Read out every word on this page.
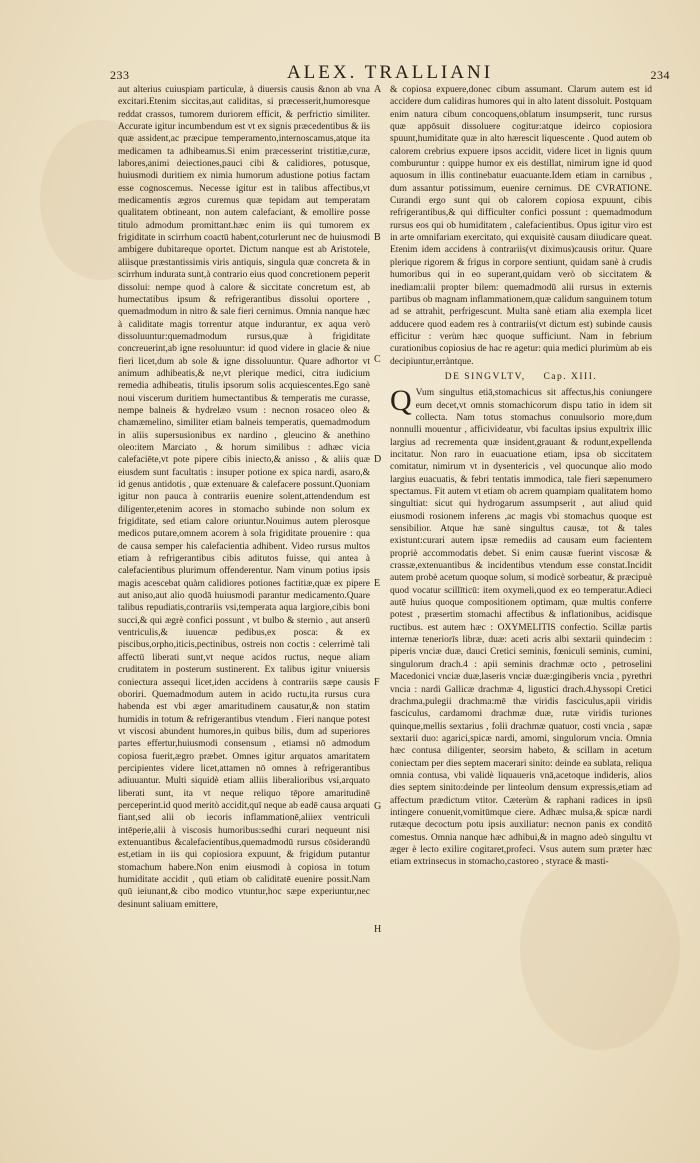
233	ALEX. TRALLIANI	234

aut alterius cuiuspiam particulæ, à diuersis causis &non ab vna excitari.Etenim siccitas,aut caliditas, si præcesserit,humoresque reddat crassos, tumorem duriorem efficit, & perfrictio similiter. Accurate igitur incumbendum est vt ex signis præcedentibus & iis quæ assident,ac præcipue temperamento,internoscamus,atque ita medicamen ta adhibeamus.Si enim præcesserint tristitiæ,curæ, labores,animi deiectiones,pauci cibi & calidiores, potusque, huiusmodi duritiem ex nimia humorum adustione potius factam esse cognoscemus. Necesse igitur est in talibus affectibus,vt medicamentis ægros curemus quæ tepidam aut temperatam qualitatem obtineant, non autem calefaciant, & emollire posse titulo admodum promittant.hæc enim iis qui tumorem ex frigiditate in scirrhum coactū habent,coturlerunt nec de huiusmodi ambigere dubitareque oportet. Dictum nanque est ab Aristotele, aliisque præstantissimis viris antiquis, singula quæ concreta & in scirrhum indurata sunt,à contrario eius quod concretionem peperit dissolui: nempe quod à calore & siccitate concretum est, ab humectatibus ipsum & refrigerantibus dissolui oportere , quemadmodum in nitro & sale fieri cernimus. Omnia nanque hæc à caliditate magis torrentur atque indurantur, ex aqua verò dissoluuntur:quemadmodum rursus,quæ à frigiditate concreuerint,ab igne resoluuntur: id quod videre in glacie & niue fieri licet,dum ab sole & igne dissoluuntur. Quare adhortor vt animum adhibeatis,& ne,vt plerique medici, citra iudicium remedia adhibeatis, titulis ipsorum solis acquiescentes.Ego sanè noui viscerum duritiem humectantibus & temperatis me curasse, nempe balneis & hydrelæo vsum : necnon rosaceo oleo & chamæmelino, similiter etiam balneis temperatis, quemadmodum in aliis supersusionibus ex nardino , gleucino & anethino oleo:item Marciato , & horum similibus : adhæc vicia calefaciēte,vt pote pipere cibis iniecto,& anisso , & aliis quæ eiusdem sunt facultatis : insuper potione ex spica nardi, asaro,& id genus antidotis , quæ extenuare & calefacere possunt.Quoniam igitur non pauca à contrariis euenire solent,attendendum est diligenter,etenim acores in stomacho subinde non solum ex frigiditate, sed etiam calore oriuntur.Nouimus autem plerosque medicos putare,omnem acorem à sola frigiditate prouenire : qua de causa semper his calefacientia adhibent. Video rursus multos etiam à refrigerantibus cibis aditutos fuisse, qui antea à calefacientibus plurimum offenderentur. Nam vinum potius ipsis magis acescebat quàm calidiores potiones factitiæ,quæ ex pipere aut aniso,aut alio quodā huiusmodi parantur medicamento.Quare talibus repudiatis,contrariis vsi,temperata aqua largiore,cibis boni succi,& qui ægrè confici possunt , vt bulbo & sternio , aut anserū ventriculis,& iuuencæ pedibus,ex posca: & ex piscibus,orpho,iticis,pectinibus, ostreis non coctis : celerrimè tali affectū liberati sunt,vt neque acidos ructus, neque aliam cruditatem in posterum sustinerent. Ex talibus igitur vniuersis coniectura assequi licet,iden accidens à contrariis sæpe causis oboriri. Quemadmodum autem in acido ructu,ita rursus cura habenda est vbi æger amaritudinem causatur,& non statim humidis in totum & refrigerantibus vtendum . Fieri nanque potest vt viscosi abundent humores,in quibus bilis, dum ad superiores partes effertur,huiusmodi consensum , etiamsi nō admodum copiosa fuerit,ægro præbet. Omnes igitur arquatos amaritatem percipientes videre licet,attamen nō omnes à refrigerantibus adiuuantur. Multi siquidè etiam alliis liberalioribus vsi,arquato liberati sunt, ita vt neque reliquo tēpore amaritudinē perceperint.id quod meritò accidit,quī neque ab eadē causa arquati fiant,sed alii ob iecoris inflammationē,aliiex ventriculi intēperie,alii à viscosis humoribus:sedhi curari nequeunt nisi extenuantibus &calefacientibus,quemadmodū rursus cōsiderandū est,etiam in iis qui copiosiora expuunt, & frigidum putantur stomachum habere.Non enim eiusmodi à copiosa in totum humiditate accidit , quū etiam ob caliditatē euenire possit.Nam quū ieiunant,& cibo modico vtuntur,hoc sæpe experiuntur,nec desinunt saliuam emittere,

A
B
C
D
E
F
G
H

& copiosa expuere,donec cibum assumant. Clarum autem est id accidere dum calidiras humores qui in alto latent dissoluit. Postquam enim natura cibum concoquens,oblatum insumpserit, tunc rursus quæ appōsuit dissoluere cogitur:atque ideirco copiosiora spuunt,humiditate quæ in alto hærescit liquescente . Quod autem ob calorem crebrius expuere ipsos accidit, videre licet in lignis quum comburuntur : quippe humor ex eis destillat, nimirum igne id quod aquosum in illis continebatur euacuante.Idem etiam in carnibus , dum assantur potissimum, euenire cernimus. DE CVRATIONE. Curandi ergo sunt qui ob calorem copiosa expuunt, cibis refrigerantibus,& qui difficulter confici possunt : quemadmodum rursus eos qui ob humiditatem , calefacientibus. Opus igitur viro est in arte omnifariam exercitato, qui exquisitè causam diiudicare queat. Etenim idem accidens à contrariis(vt diximus)causis oritur. Quare plerique rigorem & frigus in corpore sentiunt, quidam sanè à crudis humoribus qui in eo superant,quidam verò ob siccitatem & inediam:alii propter bilem: quemadmodū alii rursus in externis partibus ob magnam inflammationem,quæ calidum sanguinem totum ad se attrahit, perfrigescunt. Multa sanè etiam alia exempla licet adducere quod eadem res à contrariis(vt dictum est) subinde causis efficitur : verùm hæc quoque sufficiunt. Nam in febrium curationibus copiosius de hac re agetur: quia medici plurimùm ab eis decipiuntur,erràntque.

DE SINGVLTV, Cap. XIII.

Q Vum singultus etiā,stomachicus sit affectus,his coniungere eum decet,vt omnis stomachicorum dispu tatio in idem sit collecta. Nam totus stomachus conuulsorio more,dum nonnulli mouentur , afficivideatur, vbi facultas ipsius expultrix illic largius ad recrementa quæ insident,grauant & rodunt,expellenda incitatur. Non raro in euacuatione etiam, ipsa ob siccitatem comitatur, nimirum vt in dysentericis , vel quocunque alio modo largius euacuatis, & febri tentatis immodica, tale fieri sæpenumero spectamus. Fit autem vt etiam ob acrem quampiam qualitatem homo singultiat: sicut qui hydrogarum assumpserit , aut aliud quid eiusmodi rosionem inferens ,ac magis vbi stomachus quoque est sensibilior. Atque hæ sanè singultus causæ, tot & tales existunt:curari autem ipsæ remediis ad causam eum facientem propriè accommodatis debet. Si enim causæ fuerint viscosæ & crassæ,extenuantibus & incidentibus vtendum esse constat.Incidit autem probè acetum quoque solum, si modicè sorbeatur, & præcipuè quod vocatur scillīticū: item oxymeli,quod ex eo temperatur.Adieci autē huius quoque compositionem optimam, quæ multis conferre potest , præsertim stomachi affectibus & inflationibus, acidisque ructibus. est autem hæc : OXYMELITIS confectio. Scillæ partis internæ teneriorīs libræ, duæ: aceti acris albi sextarii quindecim : piperis vnciæ duæ, dauci Cretici seminis, fœniculi seminis, cumini, singulorum drach.4 : apii seminis drachmæ octo , petroselini Macedonici vnciæ duæ,laseris vnciæ duæ:gingiberis vncia , pyrethri vncia : nardi Gallicæ drachmæ 4, ligustici drach.4.hyssopi Cretici drachma,pulegii drachma:mē thæ viridis fasciculus,apii viridis fasciculus, cardamomi drachmæ duæ, rutæ viridis turiones quinque,mellis sextarius , folii drachmæ quatuor, costi vncia , sapæ sextarii duo: agarici,spicæ nardi, amomi, singulorum vncia. Omnia hæc contusa diligenter, seorsim habeto, & scillam in acetum coniectam per dies septem macerari sinito: deinde ea sublata, reliqua omnia contusa, vbi validè liquaueris vnā,acetoque indideris, alios dies septem sinito:deinde per linteolum densum expressis,etiam ad affectum prædictum vtitor. Cæterùm & raphani radices in ipsū intingere conuenit,vomitūmque ciere. Adhæc mulsa,& spicæ nardi rutæque decoctum potu ipsis auxiliatur: necnon panis ex conditō comestus. Omnia nanque hæc adhibui,& in magno adeò singultu vt æger è lecto exilire cogitaret,profeci. Vsus autem sum præter hæc etiam extrinsecus in stomacho,castoreo , styrace & masti-
